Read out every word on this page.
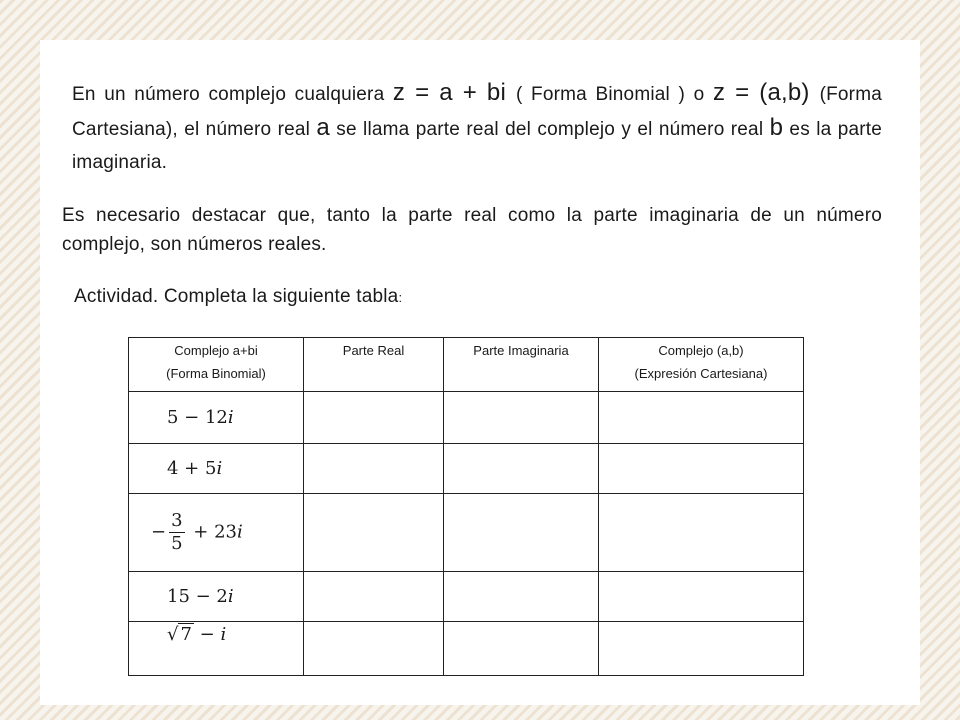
En un número complejo cualquiera z = a + bi ( Forma Binomial ) o z = (a,b) (Forma Cartesiana), el número real a se llama parte real del complejo y el número real b es la parte imaginaria.
Es necesario destacar que, tanto la parte real como la parte imaginaria de un número complejo, son números reales.
Actividad. Completa la siguiente tabla:
Complejo a+bi
(Forma Binomial)	Parte Real	Parte Imaginaria	Complejo (a,b)
(Expresión Cartesiana)
5 − 12i			
4 + 5i			
− $\frac{3}{5} + 23i$			
15 − 2i			
√ 7 − i			
